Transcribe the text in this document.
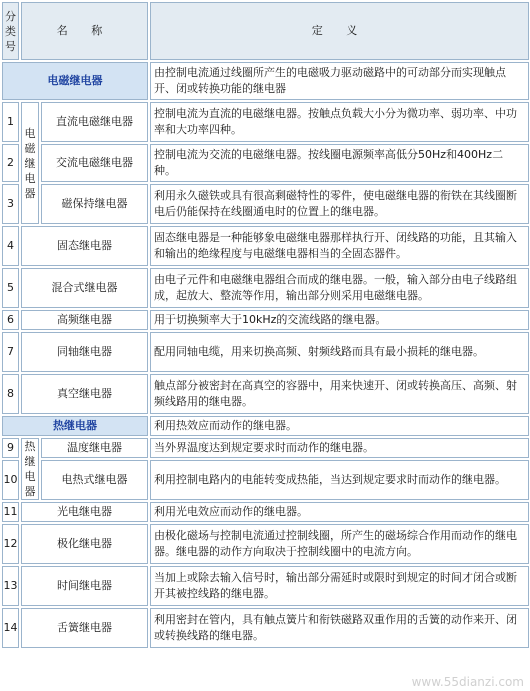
分
类
号	名 称		定 义
电磁继电器			由控制电流通过线圈所产生的电磁吸力驱动磁路中的可动部分而实现触点开、闭或转换功能的继电器
1	电
磁
继
电
器	直流电磁继电器	控制电流为直流的电磁继电器。按触点负载大小分为微功率、弱功率、中功率和大功率四种。
2		交流电磁继电器	控制电流为交流的电磁继电器。按线圈电源频率高低分50Hz和400Hz二种。
3		磁保持继电器	利用永久磁铁或具有很高剩磁特性的零件，使电磁继电器的衔铁在其线圈断电后仍能保持在线圈通电时的位置上的继电器。
4	固态继电器		固态继电器是一种能够象电磁继电器那样执行开、闭线路的功能，且其输入和输出的绝缘程度与电磁继电器相当的全固态器件。
5	混合式继电器		由电子元件和电磁继电器组合而成的继电器。一般，输入部分由电子线路组成，起放大、整流等作用，输出部分则采用电磁继电器。
6	高频继电器		用于切换频率大于10kHz的交流线路的继电器。
7	同轴继电器		配用同轴电缆，用来切换高频、射频线路而具有最小损耗的继电器。
8	真空继电器		触点部分被密封在高真空的容器中，用来快速开、闭或转换高压、高频、射频线路用的继电器。
热继电器			利用热效应而动作的继电器。
9	热
继
电
器	温度继电器	当外界温度达到规定要求时而动作的继电器。
10		电热式继电器	利用控制电路内的电能转变成热能，当达到规定要求时而动作的继电器。
11	光电继电器		利用光电效应而动作的继电器。
12	极化继电器		由极化磁场与控制电流通过控制线圈，所产生的磁场综合作用而动作的继电器。继电器的动作方向取决于控制线圈中的电流方向。
13	时间继电器		当加上或除去输入信号时，输出部分需延时或限时到规定的时间才闭合或断开其被控线路的继电器。
14	舌簧继电器		利用密封在管内，具有触点簧片和衔铁磁路双重作用的舌簧的动作来开、闭或转换线路的继电器。
www.55dianzi.com
